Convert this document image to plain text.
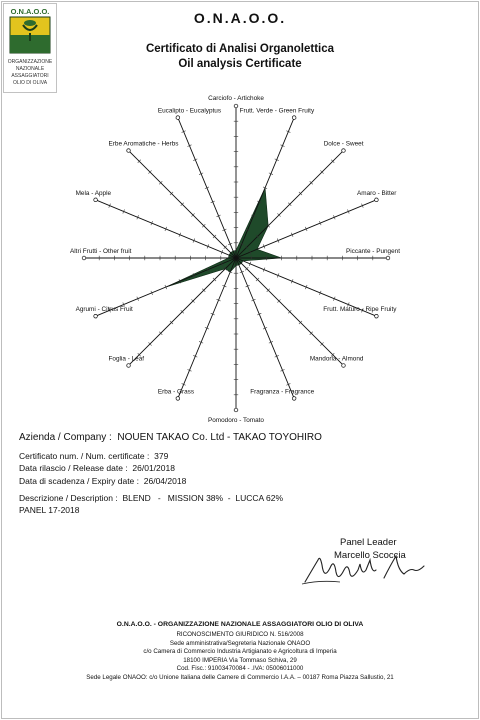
O.N.A.O.O.
ORGANIZZAZIONE
NAZIONALE
ASSAGGIATORI
OLIO DI OLIVA
O.N.A.O.O.
Certificato di Analisi Organolettica
Oil analysis Certificate
Carciofo - Artichoke
Frutt. Verde - Green Fruity
Dolce - Sweet
Amaro - Bitter
Piccante - Pungent
Frutt. Maturo - Ripe Fruity
Mandorla - Almond
Fragranza - Fragrance
Pomodoro - Tomato
Erba - Grass
Foglia - Leaf
Agrumi - Citrus Fruit
Altri Frutti - Other fruit
Mela - Apple
Erbe Aromatiche - Herbs
Eucalipto - Eucalyptus
Azienda / Company : NOUEN TAKAO Co. Ltd - TAKAO TOYOHIRO
Certificato num. / Num. certificate : 379
Data rilascio / Release date : 26/01/2018
Data di scadenza / Expiry date : 26/04/2018
Descrizione / Description : BLEND   -   MISSION 38%  -  LUCCA 62%
PANEL 17-2018
Panel Leader
Marcello Scoccia
O.N.A.O.O. - ORGANIZZAZIONE NAZIONALE ASSAGGIATORI OLIO DI OLIVA
RICONOSCIMENTO GIURIDICO N. 516/2008
Sede amministrativa/Segreteria Nazionale ONAOO
c/o Camera di Commercio Industria Artigianato e Agricoltura di Imperia
18100 IMPERIA Via Tommaso Schiva, 29
Cod. Fisc.: 91003470084 - .IVA: 05006011000
Sede Legale ONAOO: c/o Unione Italiana delle Camere di Commercio I.A.A. – 00187 Roma Piazza Sallustio, 21
